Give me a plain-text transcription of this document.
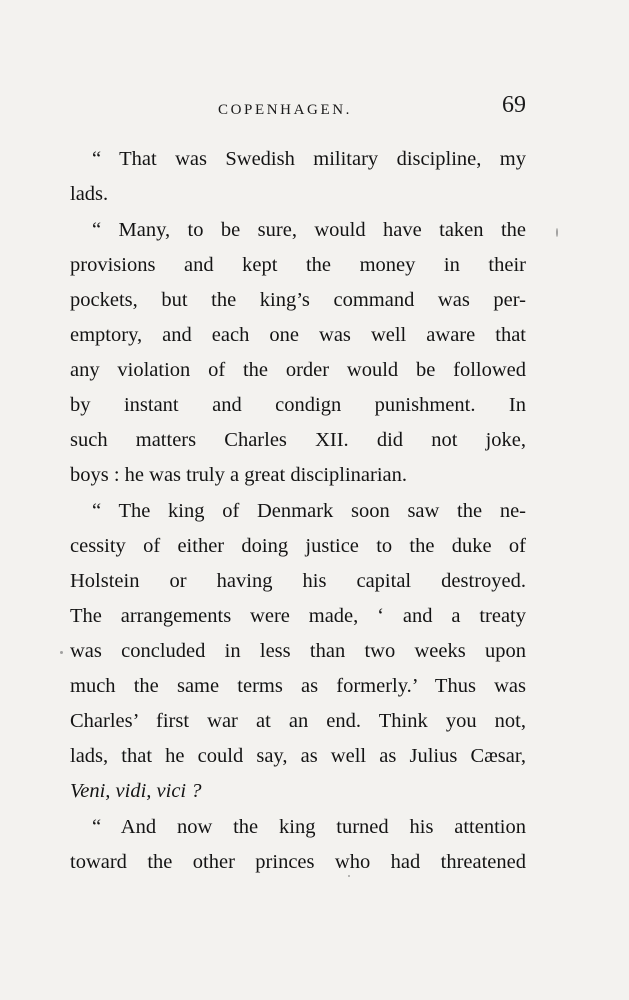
COPENHAGEN.	69
“ That was Swedish military discipline, my
lads.
“ Many, to be sure, would have taken the
provisions and kept the money in their
pockets, but the king’s command was per-
emptory, and each one was well aware that
any violation of the order would be followed
by instant and condign punishment. In
such matters Charles XII. did not joke,
boys : he was truly a great disciplinarian.
“ The king of Denmark soon saw the ne-
cessity of either doing justice to the duke of
Holstein or having his capital destroyed.
The arrangements were made, ‘ and a treaty
was concluded in less than two weeks upon
much the same terms as formerly.’ Thus was
Charles’ first war at an end. Think you not,
lads, that he could say, as well as Julius Cæsar,
Veni, vidi, vici ?
“ And now the king turned his attention
toward the other princes who had threatened
